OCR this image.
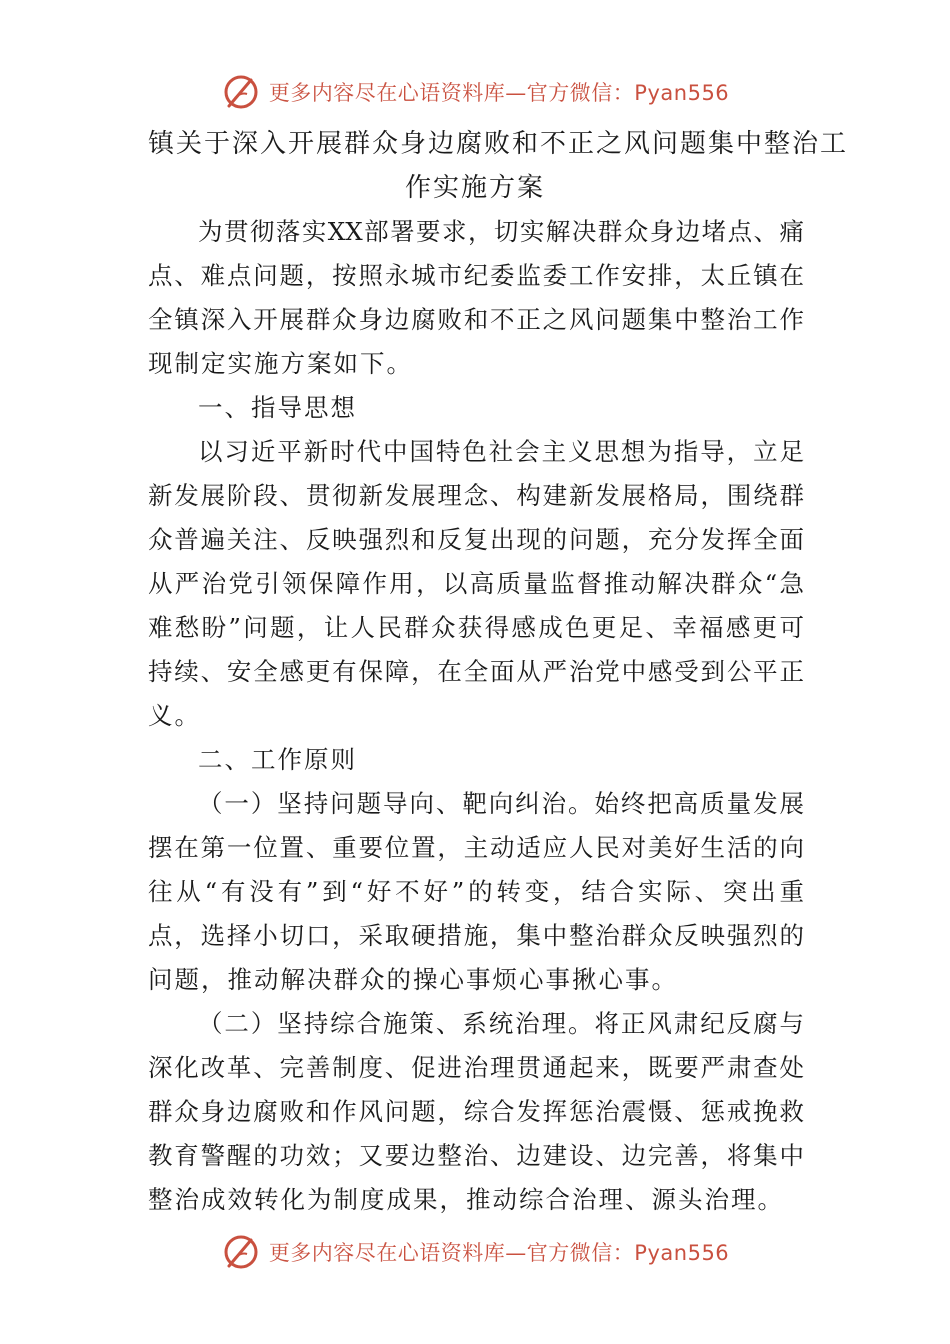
更多内容尽在心语资料库—官方微信：Pyan556
镇关于深入开展群众身边腐败和不正之风问题集中整治工
作实施方案
为贯彻落实XX部署要求，切实解决群众身边堵点、痛
点、难点问题，按照永城市纪委监委工作安排，太丘镇在
全镇深入开展群众身边腐败和不正之风问题集中整治工作
现制定实施方案如下。
一、指导思想
以习近平新时代中国特色社会主义思想为指导，立足
新发展阶段、贯彻新发展理念、构建新发展格局，围绕群
众普遍关注、反映强烈和反复出现的问题，充分发挥全面
从严治党引领保障作用，以高质量监督推动解决群众“急
难愁盼”问题，让人民群众获得感成色更足、幸福感更可
持续、安全感更有保障，在全面从严治党中感受到公平正
义。
二、工作原则
（一）坚持问题导向、靶向纠治。始终把高质量发展
摆在第一位置、重要位置，主动适应人民对美好生活的向
往从“有没有”到“好不好”的转变，结合实际、突出重
点，选择小切口，采取硬措施，集中整治群众反映强烈的
问题，推动解决群众的操心事烦心事揪心事。
（二）坚持综合施策、系统治理。将正风肃纪反腐与
深化改革、完善制度、促进治理贯通起来，既要严肃查处
群众身边腐败和作风问题，综合发挥惩治震慑、惩戒挽救
教育警醒的功效；又要边整治、边建设、边完善，将集中
整治成效转化为制度成果，推动综合治理、源头治理。
更多内容尽在心语资料库—官方微信：Pyan556
